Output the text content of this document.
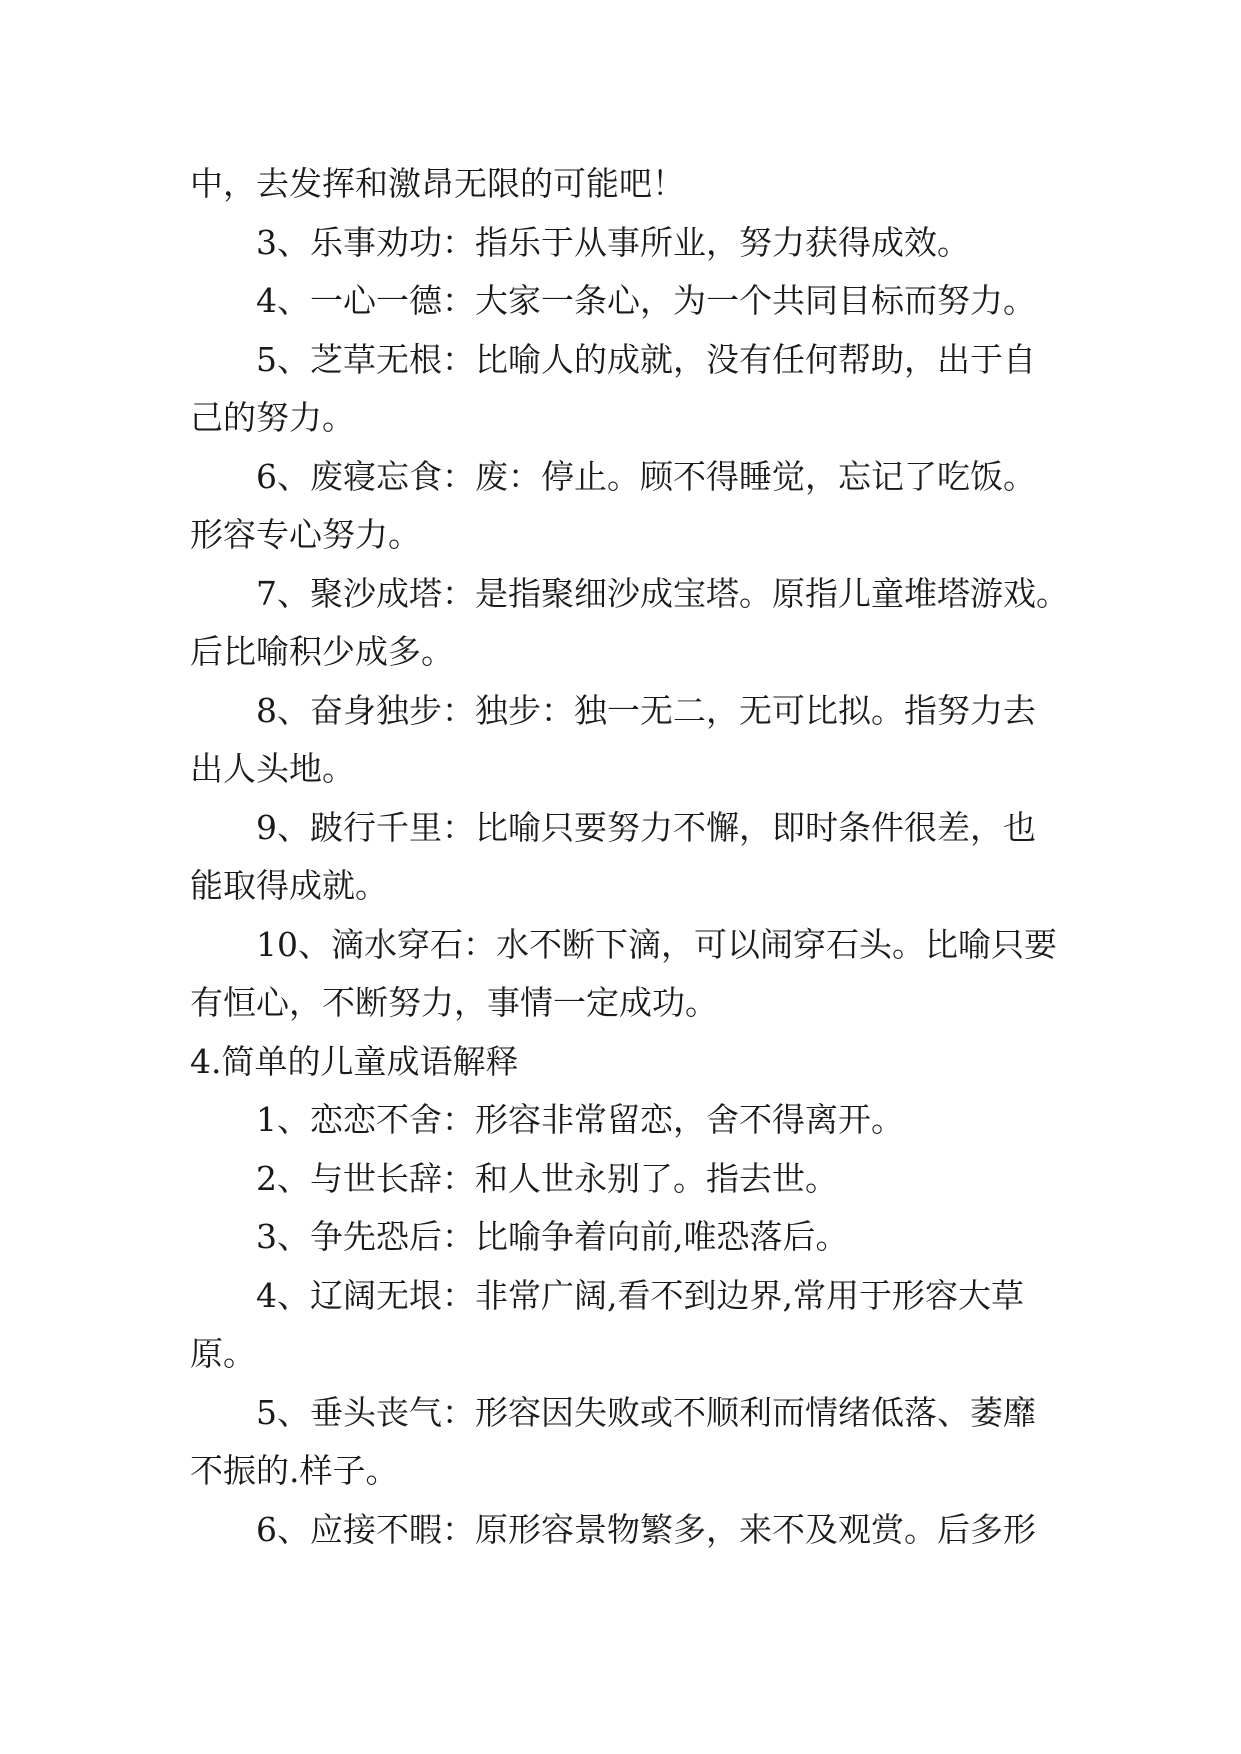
中，去发挥和激昂无限的可能吧！
3、乐事劝功：指乐于从事所业，努力获得成效。
4、一心一德：大家一条心，为一个共同目标而努力。
5、芝草无根：比喻人的成就，没有任何帮助，出于自
己的努力。
6、废寝忘食：废：停止。顾不得睡觉，忘记了吃饭。
形容专心努力。
7、聚沙成塔：是指聚细沙成宝塔。原指儿童堆塔游戏。
后比喻积少成多。
8、奋身独步：独步：独一无二，无可比拟。指努力去
出人头地。
9、跛行千里：比喻只要努力不懈，即时条件很差，也
能取得成就。
10、滴水穿石：水不断下滴，可以闹穿石头。比喻只要
有恒心，不断努力，事情一定成功。
4.简单的儿童成语解释
1、恋恋不舍：形容非常留恋，舍不得离开。
2、与世长辞：和人世永别了。指去世。
3、争先恐后：比喻争着向前,唯恐落后。
4、辽阔无垠：非常广阔,看不到边界,常用于形容大草
原。
5、垂头丧气：形容因失败或不顺利而情绪低落、萎靡
不振的.样子。
6、应接不暇：原形容景物繁多，来不及观赏。后多形
